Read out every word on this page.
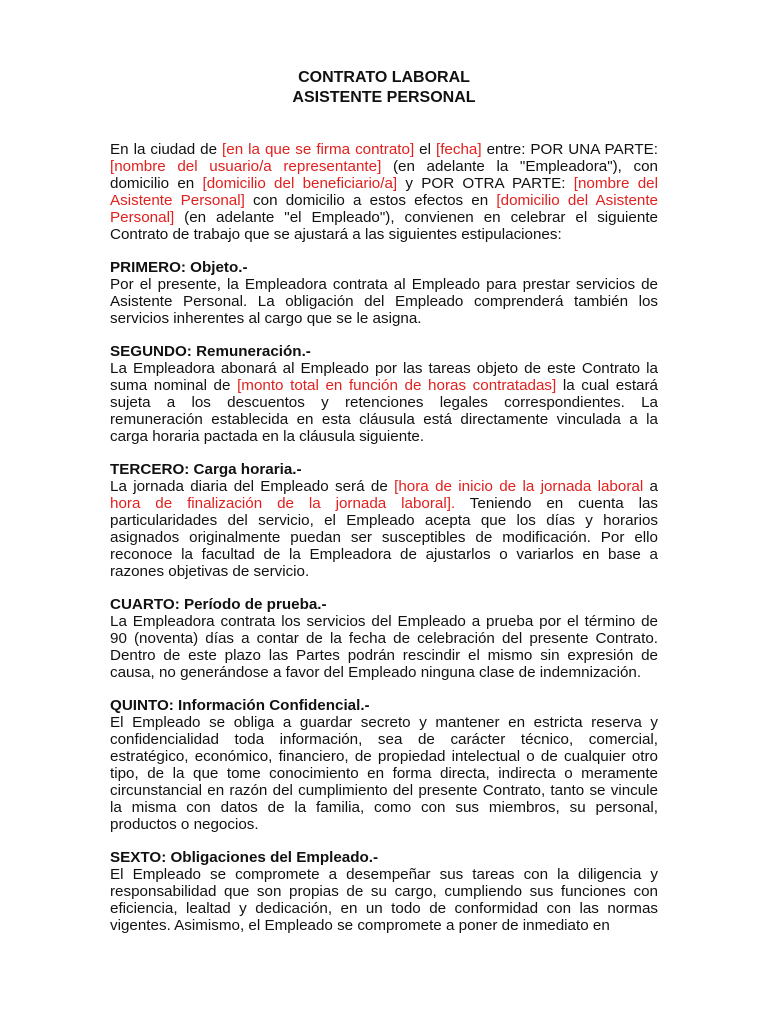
CONTRATO LABORAL
ASISTENTE PERSONAL

En la ciudad de [en la que se firma contrato] el [fecha] entre: POR UNA PARTE: [nombre del usuario/a representante] (en adelante la "Empleadora"), con domicilio en [domicilio del beneficiario/a] y POR OTRA PARTE: [nombre del Asistente Personal] con domicilio a estos efectos en [domicilio del Asistente Personal] (en adelante "el Empleado"), convienen en celebrar el siguiente Contrato de trabajo que se ajustará a las siguientes estipulaciones:

PRIMERO: Objeto.-
Por el presente, la Empleadora contrata al Empleado para prestar servicios de Asistente Personal. La obligación del Empleado comprenderá también los servicios inherentes al cargo que se le asigna.

SEGUNDO: Remuneración.-
La Empleadora abonará al Empleado por las tareas objeto de este Contrato la suma nominal de [monto total en función de horas contratadas] la cual estará sujeta a los descuentos y retenciones legales correspondientes. La remuneración establecida en esta cláusula está directamente vinculada a la carga horaria pactada en la cláusula siguiente.

TERCERO: Carga horaria.-
La jornada diaria del Empleado será de [hora de inicio de la jornada laboral a hora de finalización de la jornada laboral]. Teniendo en cuenta las particularidades del servicio, el Empleado acepta que los días y horarios asignados originalmente puedan ser susceptibles de modificación. Por ello reconoce la facultad de la Empleadora de ajustarlos o variarlos en base a razones objetivas de servicio.

CUARTO: Período de prueba.-
La Empleadora contrata los servicios del Empleado a prueba por el término de 90 (noventa) días a contar de la fecha de celebración del presente Contrato. Dentro de este plazo las Partes podrán rescindir el mismo sin expresión de causa, no generándose a favor del Empleado ninguna clase de indemnización.

QUINTO: Información Confidencial.-
El Empleado se obliga a guardar secreto y mantener en estricta reserva y confidencialidad toda información, sea de carácter técnico, comercial, estratégico, económico, financiero, de propiedad intelectual o de cualquier otro tipo, de la que tome conocimiento en forma directa, indirecta o meramente circunstancial en razón del cumplimiento del presente Contrato, tanto se vincule la misma con datos de la familia, como con sus miembros, su personal, productos o negocios.

SEXTO: Obligaciones del Empleado.-
El Empleado se compromete a desempeñar sus tareas con la diligencia y responsabilidad que son propias de su cargo, cumpliendo sus funciones con eficiencia, lealtad y dedicación, en un todo de conformidad con las normas vigentes. Asimismo, el Empleado se compromete a poner de inmediato en
